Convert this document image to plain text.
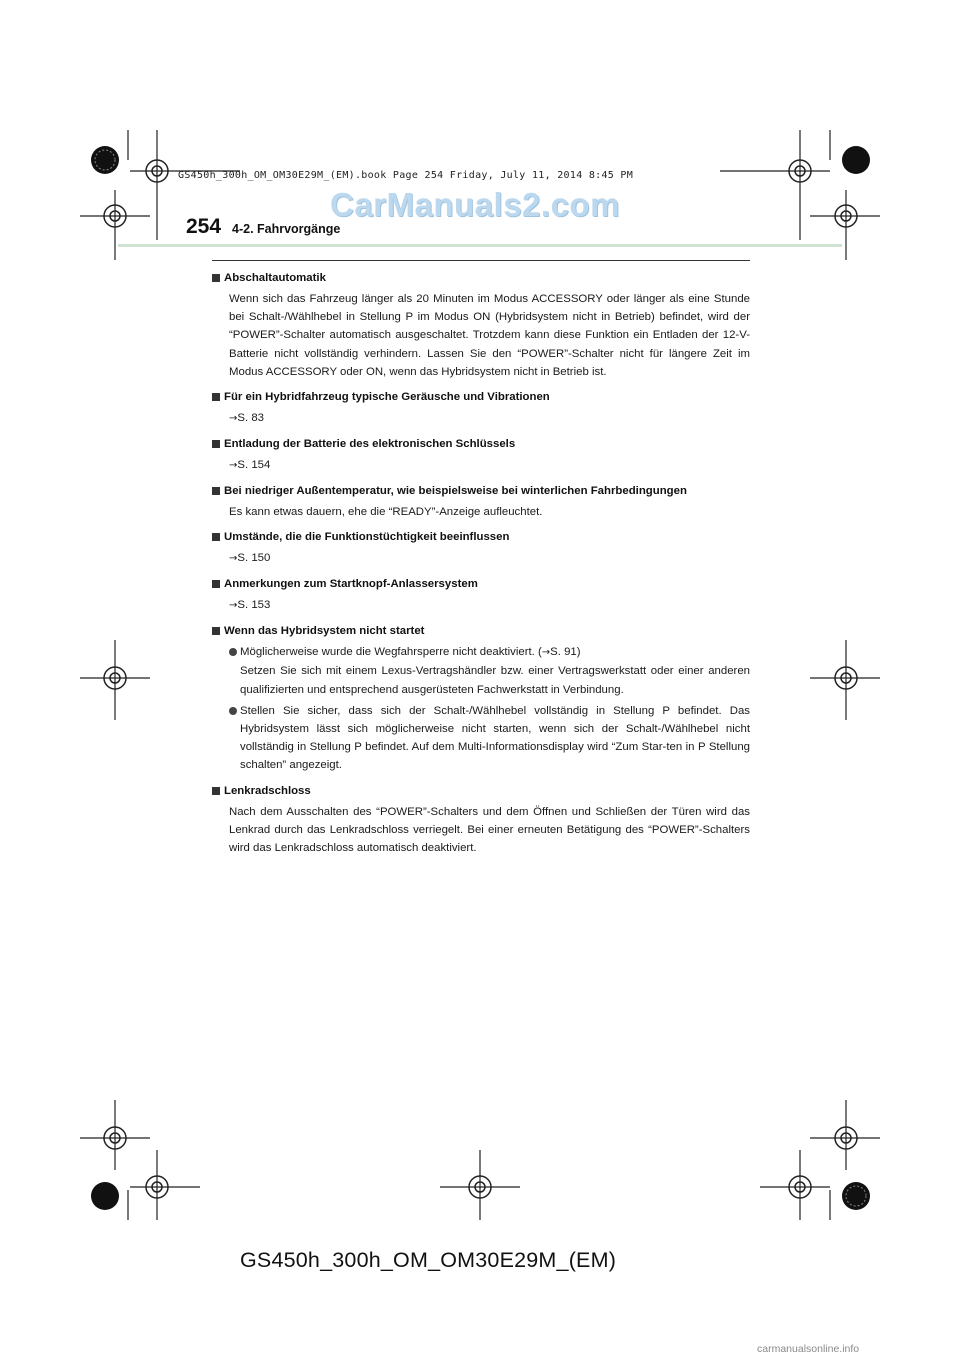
GS450h_300h_OM_OM30E29M_(EM).book Page 254 Friday, July 11, 2014 8:45 PM
CarManuals2.com
254 4-2. Fahrvorgänge
Abschaltautomatik
Wenn sich das Fahrzeug länger als 20 Minuten im Modus ACCESSORY oder länger als eine Stunde bei Schalt-/Wählhebel in Stellung P im Modus ON (Hybridsystem nicht in Betrieb) befindet, wird der “POWER”-Schalter automatisch ausgeschaltet. Trotzdem kann diese Funktion ein Entladen der 12-V-Batterie nicht vollständig verhindern. Lassen Sie den “POWER”-Schalter nicht für längere Zeit im Modus ACCESSORY oder ON, wenn das Hybridsystem nicht in Betrieb ist.
Für ein Hybridfahrzeug typische Geräusche und Vibrationen
→S. 83
Entladung der Batterie des elektronischen Schlüssels
→S. 154
Bei niedriger Außentemperatur, wie beispielsweise bei winterlichen Fahrbedingungen
Es kann etwas dauern, ehe die “READY”-Anzeige aufleuchtet.
Umstände, die die Funktionstüchtigkeit beeinflussen
→S. 150
Anmerkungen zum Startknopf-Anlassersystem
→S. 153
Wenn das Hybridsystem nicht startet
Möglicherweise wurde die Wegfahrsperre nicht deaktiviert. (→S. 91)
Setzen Sie sich mit einem Lexus-Vertragshändler bzw. einer Vertragswerkstatt oder einer anderen qualifizierten und entsprechend ausgerüsteten Fachwerkstatt in Verbindung.
Stellen Sie sicher, dass sich der Schalt-/Wählhebel vollständig in Stellung P befindet. Das Hybridsystem lässt sich möglicherweise nicht starten, wenn sich der Schalt-/Wählhebel nicht vollständig in Stellung P befindet. Auf dem Multi-Informationsdisplay wird “Zum Star-ten in P Stellung schalten” angezeigt.
Lenkradschloss
Nach dem Ausschalten des “POWER”-Schalters und dem Öffnen und Schließen der Türen wird das Lenkrad durch das Lenkradschloss verriegelt. Bei einer erneuten Betätigung des “POWER”-Schalters wird das Lenkradschloss automatisch deaktiviert.
GS450h_300h_OM_OM30E29M_(EM)
carmanualsonline.info
